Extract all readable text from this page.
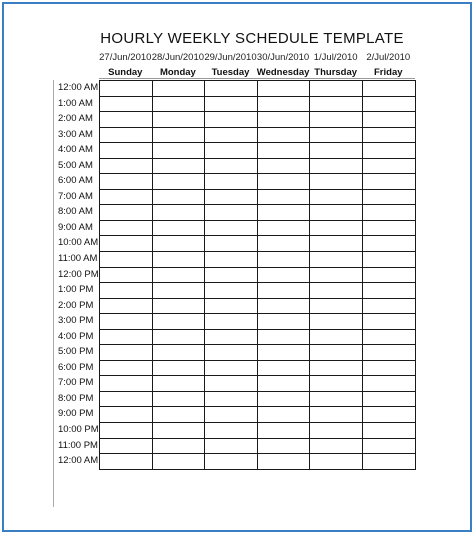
HOURLY WEEKLY SCHEDULE TEMPLATE
27/Jun/2010 28/Jun/2010 29/Jun/2010 30/Jun/2010 1/Jul/2010 2/Jul/2010
Sunday	Monday	Tuesday Wednesday Thursday	Friday
12:00 AM
1:00 AM
2:00 AM
3:00 AM
4:00 AM
5:00 AM
6:00 AM
7:00 AM
8:00 AM
9:00 AM
10:00 AM
11:00 AM
12:00 PM
1:00 PM
2:00 PM
3:00 PM
4:00 PM
5:00 PM
6:00 PM
7:00 PM
8:00 PM
9:00 PM
10:00 PM
11:00 PM
12:00 AM
